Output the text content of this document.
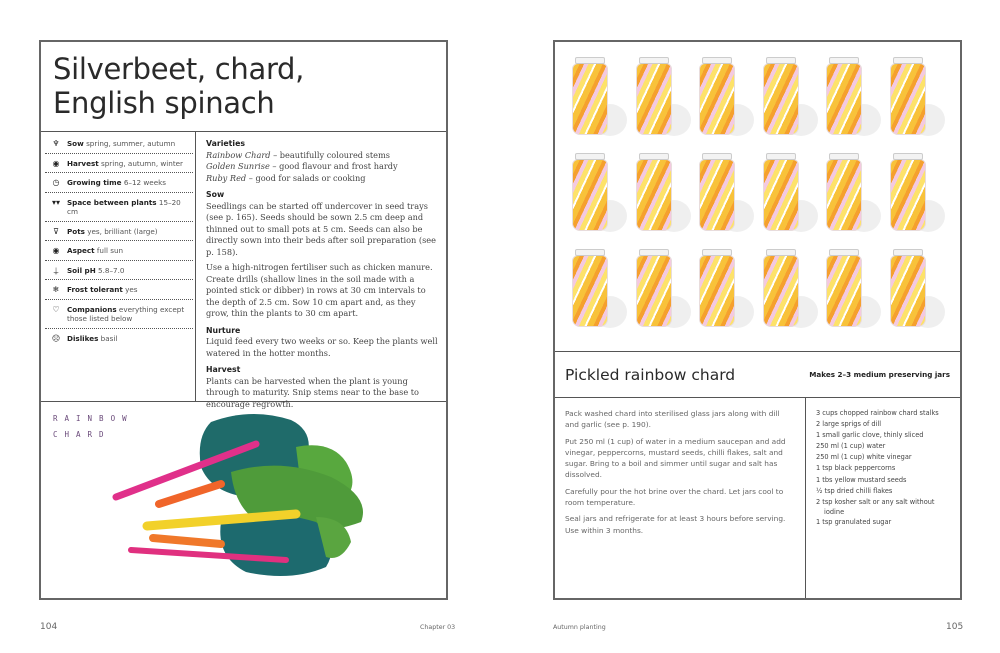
Silverbeet, chard,
English spinach
♆	Sow spring, summer, autumn
◉	Harvest spring, autumn, winter
◷	Growing time 6–12 weeks
▾▾ Space between plants 15–20 cm
⊽	Pots yes, brilliant (large)
◉	Aspect full sun
⍊	Soil pH 5.8–7.0
❄	Frost tolerant yes
♡	Companions everything except those listed below
☹ Dislikes basil
Varieties
Rainbow Chard – beautifully coloured stems
Golden Sunrise – good flavour and frost hardy
Ruby Red – good for salads or cooking
Sow

Seedlings can be started off undercover in seed trays (see p. 165). Seeds should be sown 2.5 cm deep and thinned out to small pots at 5 cm. Seeds can also be directly sown into their beds after soil preparation (see p. 158).

Use a high-nitrogen fertiliser such as chicken manure. Create drills (shallow lines in the soil made with a pointed stick or dibber) in rows at 30 cm intervals to the depth of 2.5 cm. Sow 10 cm apart and, as they grow, thin the plants to 30 cm apart.

Nurture

Liquid feed every two weeks or so. Keep the plants well watered in the hotter months.

Harvest

Plants can be harvested when the plant is young through to maturity. Snip stems near to the base to encourage regrowth.

RAINBOW
CHARD
Pickled rainbow chard	Makes 2–3 medium preserving jars

Pack washed chard into sterilised glass jars along with dill and garlic (see p. 190).

Put 250 ml (1 cup) of water in a medium saucepan and add vinegar, peppercorns, mustard seeds, chilli flakes, salt and sugar. Bring to a boil and simmer until sugar and salt has dissolved.

Carefully pour the hot brine over the chard. Let jars cool to room temperature.

Seal jars and refrigerate for at least 3 hours before serving. Use within 3 months.

3 cups chopped rainbow chard stalks
2 large sprigs of dill
1 small garlic clove, thinly sliced
250 ml (1 cup) water
250 ml (1 cup) white vinegar
1 tsp black peppercorns
1 tbs yellow mustard seeds
½ tsp dried chilli flakes
2 tsp kosher salt or any salt without
iodine
1 tsp granulated sugar
104	Chapter 03	Autumn planting	105
